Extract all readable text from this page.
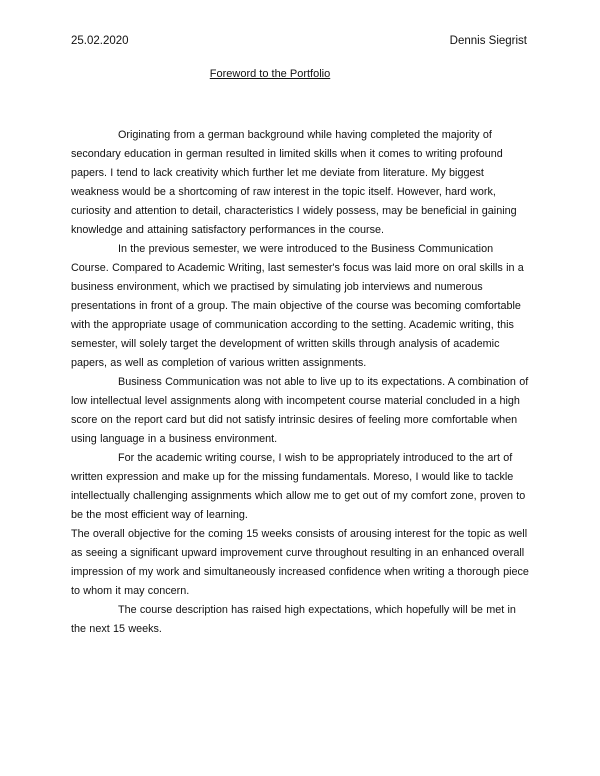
25.02.2020	Dennis Siegrist
Foreword to the Portfolio

Originating from a german background while having completed the majority of secondary education in german resulted in limited skills when it comes to writing profound papers. I tend to lack creativity which further let me deviate from literature. My biggest weakness would be a shortcoming of raw interest in the topic itself. However, hard work, curiosity and attention to detail, characteristics I widely possess, may be beneficial in gaining knowledge and attaining satisfactory performances in the course.

In the previous semester, we were introduced to the Business Communication Course. Compared to Academic Writing, last semester's focus was laid more on oral skills in a business environment, which we practised by simulating job interviews and numerous presentations in front of a group. The main objective of the course was becoming comfortable with the appropriate usage of communication according to the setting. Academic writing, this semester, will solely target the development of written skills through analysis of academic papers, as well as completion of various written assignments.

Business Communication was not able to live up to its expectations. A combination of low intellectual level assignments along with incompetent course material concluded in a high score on the report card but did not satisfy intrinsic desires of feeling more comfortable when using language in a business environment.

For the academic writing course, I wish to be appropriately introduced to the art of written expression and make up for the missing fundamentals. Moreso, I would like to tackle intellectually challenging assignments which allow me to get out of my comfort zone, proven to be the most efficient way of learning.

The overall objective for the coming 15 weeks consists of arousing interest for the topic as well as seeing a significant upward improvement curve throughout resulting in an enhanced overall impression of my work and simultaneously increased confidence when writing a thorough piece to whom it may concern.

The course description has raised high expectations, which hopefully will be met in the next 15 weeks.
